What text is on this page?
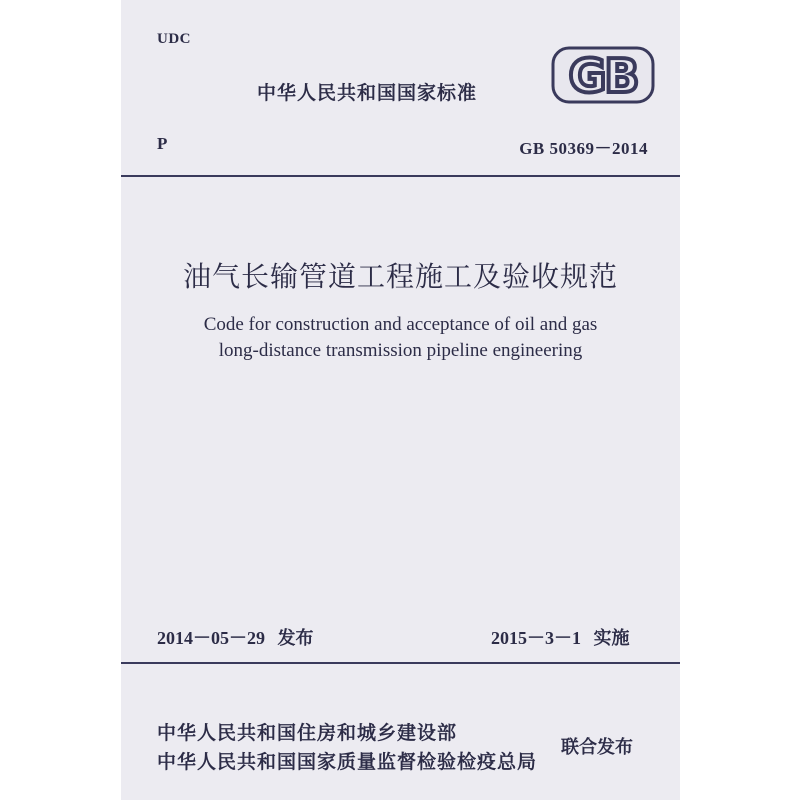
UDC
中华人民共和国国家标准 GB
P	GB 50369－2014
油气长输管道工程施工及验收规范
Code for construction and acceptance of oil and gas
long-distance transmission pipeline engineering
2014－05－29 发布	2015－3－1 实施
中华人民共和国住房和城乡建设部
中华人民共和国国家质量监督检验检疫总局
联合发布
